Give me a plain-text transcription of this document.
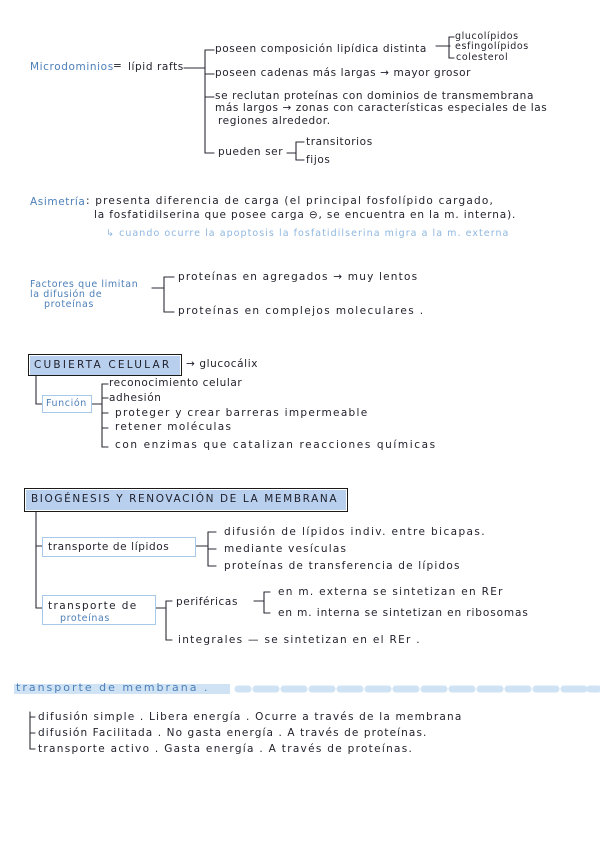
Microdominios = lípid rafts
poseen composición lipídica distinta
glucolípidos
esfingolípidos
colesterol
poseen cadenas más largas → mayor grosor
se reclutan proteínas con dominios de transmembrana
más largos → zonas con características especiales de las
regiones alrededor.
pueden ser
transitorios
fijos
Asimetría : presenta diferencia de carga (el principal fosfolípido cargado,
la fosfatidilserina que posee carga ⊖, se encuentra en la m. interna).
↳ cuando ocurre la apoptosis la fosfatidilserina migra a la m. externa
Factores que limitan
la difusión de
proteínas
proteínas en agregados → muy lentos
proteínas en complejos moleculares .
CUBIERTA CELULAR → glucocálix
Función
reconocimiento celular
adhesión
proteger y crear barreras impermeable
retener moléculas
con enzimas que catalizan reacciones químicas
BIOGÉNESIS Y RENOVACIÓN DE LA MEMBRANA
transporte de lípidos
difusión de lípidos indiv. entre bicapas.
mediante vesículas
proteínas de transferencia de lípidos
transporte de
proteínas
periféricas
en m. externa se sintetizan en REr
en m. interna se sintetizan en ribosomas
integrales — se sintetizan en el REr .
transporte de membrana .
difusión simple . Libera energía . Ocurre a través de la membrana
difusión Facilitada . No gasta energía . A través de proteínas.
transporte activo . Gasta energía . A través de proteínas.
